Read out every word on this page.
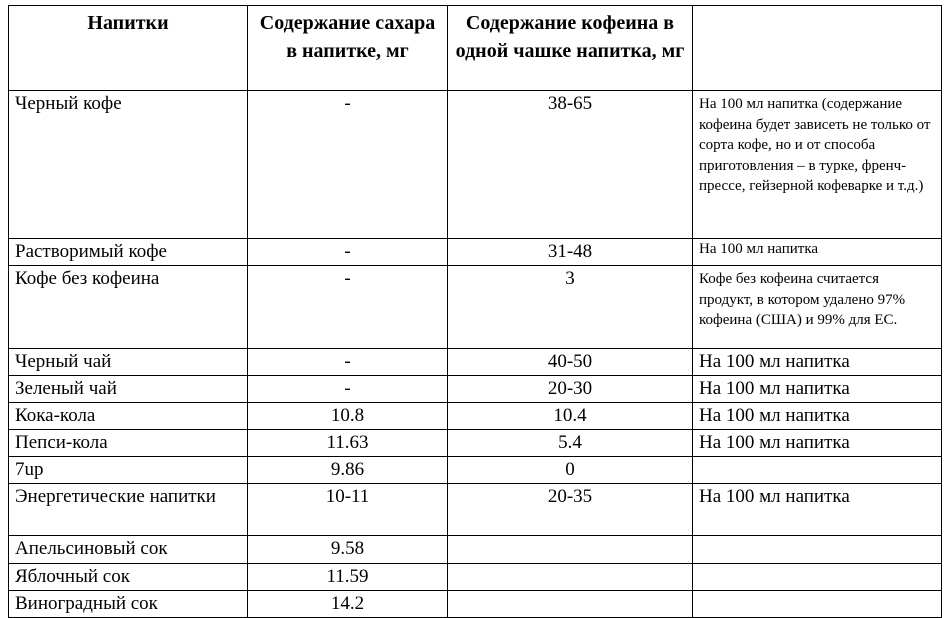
Напитки	Содержание сахара в напитке, мг	Содержание кофеина в одной чашке напитка, мг	
Черный кофе	-	38-65	На 100 мл напитка (содержание кофеина будет зависеть не только от сорта кофе, но и от способа приготовления – в турке, френч-прессе, гейзерной кофеварке и т.д.)
Растворимый кофе	-	31-48	На 100 мл напитка
Кофе без кофеина	-	3	Кофе без кофеина считается продукт, в котором удалено 97% кофеина (США) и 99% для ЕС.
Черный чай	-	40-50	На 100 мл напитка
Зеленый чай	-	20-30	На 100 мл напитка
Кока-кола	10.8	10.4	На 100 мл напитка
Пепси-кола	11.63	5.4	На 100 мл напитка
7up	9.86	0	
Энергетические напитки	10-11	20-35	На 100 мл напитка
Апельсиновый сок	9.58		
Яблочный сок	11.59		
Виноградный сок	14.2		
